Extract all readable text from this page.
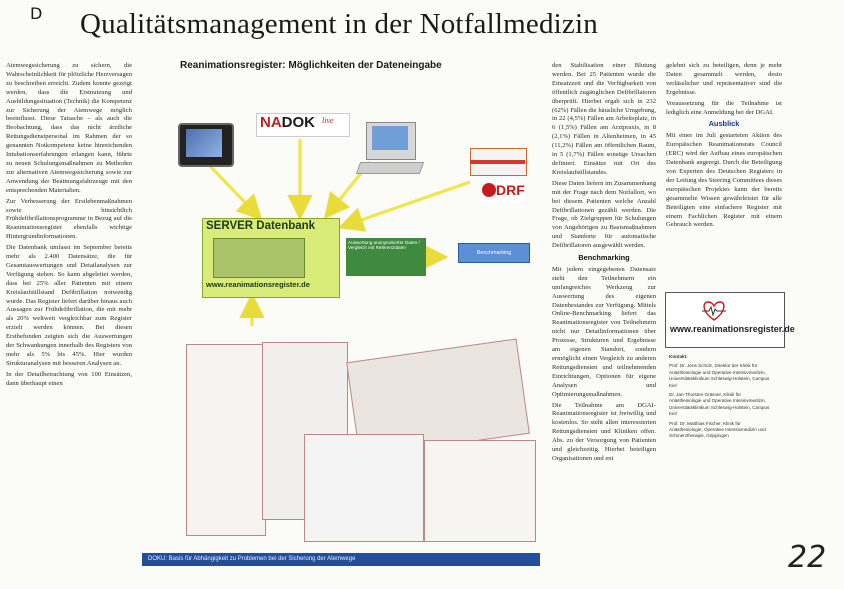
D Qualitätsmanagement in der Notfallmedizin

Atemwegssicherung zu sichern, die Wahrscheinlichkeit für plötzliche Herzversagen zu beschreiben erreicht. Zudem konnte gezeigt werden, dass die Erstnutzung und Ausbildungssituation (Technik) die Kompetenz zur Sicherung der Atemwege möglich beeinflusst. Diese Tatsache – als auch die Beobachtung, dass das nicht ärztliche Rettungsdienstpersonal im Rahmen der so genannten Notkompetenz keine hinreichenden Intubationserfahrungen erlangen kann, führte zu neuen Schulungsmaßnahmen zu Methoden zur alternativen Atemwegssicherung sowie zur Anwendung der Beatmungsfahrzeuge mit den entsprechenden Materialien.

Zur Verbesserung der Erstlebenmaßnahmen sowie hinsichtlich Frühdefibrillationsprogramme in Bezug auf die Reanimationsregister ebenfalls wichtige Hintergrundinformationen.

Die Datenbank umfasst im September bereits mehr als 2.400 Datensätze, die für Gesamtauswertungen und Detailanalysen zur Verfügung stehen. So kann abgeleitet werden, dass bei 25% aller Patienten mit einem Kreislaufstillstand Defibrillation notwendig wurde. Das Register liefert darüber hinaus auch Aussagen zur Frühdefibrillation, die mit mehr als 20% weltweit vergleichbar zum Register erzielt werden können. Bei diesen Erstbefunden zeigten sich die Auswertungen der Schwankungen innerhalb des Registers von mehr als 5% bis 45%. Hier wurden Strukturanalysen mit besseren Analysen an.

In der Detailbetrachtung von 100 Einsätzen, dann überhaupt einen

Reanimationsregister: Möglichkeiten der Dateneingabe
NADOK live
DRF
SERVER Datenbank
www.reanimationsregister.de
Auswertung anonymisierter Daten / Vergleich mit Referenzdaten
Benchmarking
DOKU: Basis für Abhängigkeit zu Problemen bei der Sicherung der Atemwege

den Stabilisation einer Blutung werden. Bei 25 Patienten wurde die Einsatzzeit und die Verfügbarkeit von öffentlich zugänglichen Defibrillatoren überprüft. Hierbei ergab sich in 232 (62%) Fällen die häusliche Umgebung, in 22 (4,5%) Fällen am Arbeitsplatz, in 6 (1,5%) Fällen am Arztpraxis, in 8 (2,1%) Fällen in Altenheimen, in 45 (11,2%) Fällen am öffentlichen Raum, in 5 (1,7%) Fällen sonstige Ursachen definiert. Einsätze mit Ort des Kreislaufstillstandes.

Diese Daten liefern im Zusammenhang mit der Frage nach dem Notfallort, wo bei diesem Patienten welche Anzahl Defibrillationen gezählt werden. Die Frage, ob Zielgruppen für Schulungen von Angehörigen zu Basismaßnahmen und Standorte für automatische Defibrillatoren ausgewählt werden.

Benchmarking

Mit jedem eingegebenen Datensatz steht den Teilnehmern ein umfangreiches Werkzeug zur Auswertung des eigenen Datenbestandes zur Verfügung. Mittels Online-Benchmarking liefert das Reanimationsregister von Teilnehmern nicht nur Detailinformationen über Prozesse, Strukturen und Ergebnisse am eigenen Standort, sondern ermöglicht einen Vergleich zu anderen Rettungsdiensten und teilnehmenden Einrichtungen, Optionen für eigene Analysen und Optimierungsmaßnahmen.

Die Teilnahme am DGAI-Reanimationsregister ist freiwillig und kostenlos. So steht allen interessierten Rettungsdiensten und Kliniken offen. Abs. zu der Versorgung von Patienten und gleichzeitig. Hierbei beteiligen Organisationen und ent

gelehnt sich zu beteiligen, denn je mehr Daten gesammelt werden, desto verlässlicher und repräsentativer sind die Ergebnisse.

Voraussetzung für die Teilnahme ist lediglich eine Anmeldung bei der DGAI.

Ausblick

Mit einer im Juli gestarteten Aktion des Europäischen Reanimationsrats Council (ERC) wird der Aufbau eines europäischen Datenbank angeregt. Durch die Beteiligung von Experten des Deutschen Registers in der Leitung des Steering Committees dieses europäischen Projektes kann der bereits gesammelte Wissen gewährleistet für alle Beteiligten eine einfachere Register mit einem Fachlichen Register mit einem Gebrauch werden.

www.reanimationsregister.de

Kontakt:

Prof. Dr. Jens Scholz, Direktor der Klinik für Anästhesiologie und Operative Intensivmedizin, Universitätsklinikum Schleswig-Holstein, Campus Kiel

Dr. Jan-Thorsten Gräsner, Klinik für Anästhesiologie und Operative Intensivmedizin, Universitätsklinikum Schleswig-Holstein, Campus Kiel

Prof. Dr. Matthias Fischer, Klinik für Anästhesiologie, Operative Intensivmedizin und Schmerztherapie, Göppingen

22
